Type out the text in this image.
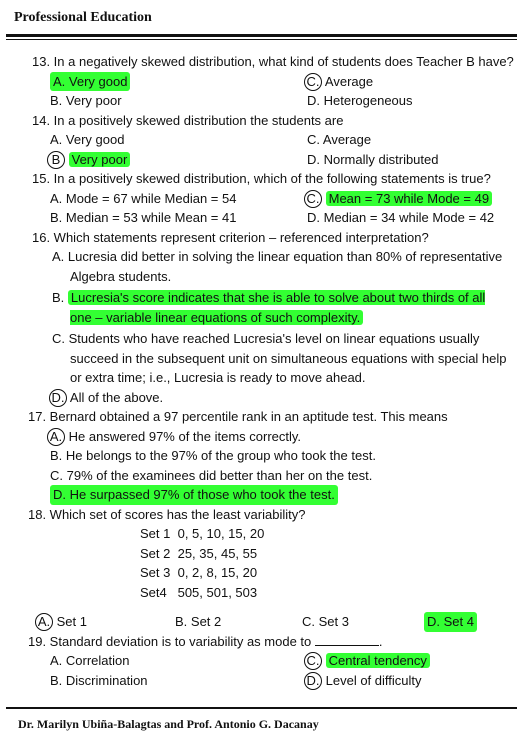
Professional Education
13. In a negatively skewed distribution, what kind of students does Teacher B have?
A. Very good	C. Average
B. Very poor	D. Heterogeneous
14. In a positively skewed distribution the students are
A. Very good	C. Average
B Very poor	D. Normally distributed
15. In a positively skewed distribution, which of the following statements is true?
A. Mode = 67 while Median = 54	C. Mean = 73 while Mode = 49
B. Median = 53 while Mean = 41	D. Median = 34 while Mode = 42
16. Which statements represent criterion – referenced interpretation?
A. Lucresia did better in solving the linear equation than 80% of representative Algebra students.
B. Lucresia's score indicates that she is able to solve about two thirds of all one – variable linear equations of such complexity.
C. Students who have reached Lucresia's level on linear equations usually succeed in the subsequent unit on simultaneous equations with special help or extra time; i.e., Lucresia is ready to move ahead.
D. All of the above.
17. Bernard obtained a 97 percentile rank in an aptitude test. This means
A. He answered 97% of the items correctly.
B. He belongs to the 97% of the group who took the test.
C. 79% of the examinees did better than her on the test.
D. He surpassed 97% of those who took the test.
18. Which set of scores has the least variability?
Set 1 0, 5, 10, 15, 20
Set 2 25, 35, 45, 55
Set 3 0, 2, 8, 15, 20
Set4 505, 501, 503
A. Set 1	B. Set 2	C. Set 3	D. Set 4
19. Standard deviation is to variability as mode to	.
A. Correlation	C. Central tendency
B. Discrimination	D. Level of difficulty
Dr. Marilyn Ubiña-Balagtas and Prof. Antonio G. Dacanay
